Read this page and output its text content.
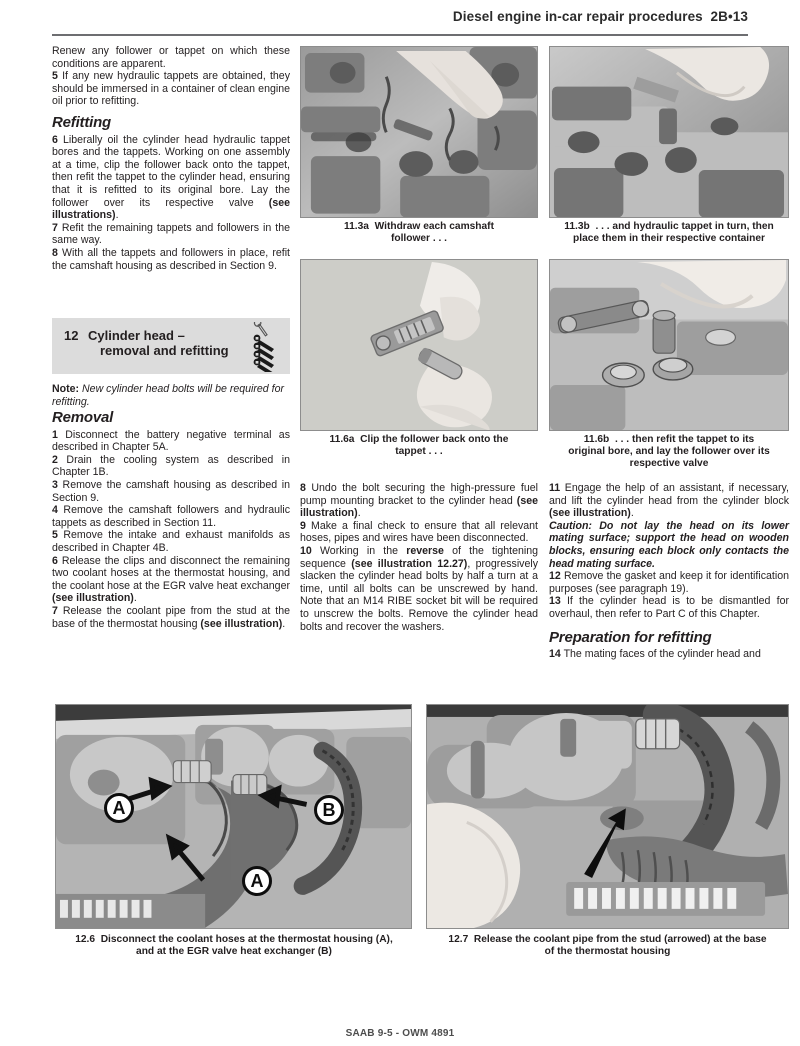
Diesel engine in-car repair procedures 2B•13

Renew any follower or tappet on which these conditions are apparent.

5 If any new hydraulic tappets are obtained, they should be immersed in a container of clean engine oil prior to refitting.

Refitting

6 Liberally oil the cylinder head hydraulic tappet bores and the tappets. Working on one assembly at a time, clip the follower back onto the tappet, then refit the tappet to the cylinder head, ensuring that it is refitted to its original bore. Lay the follower over its respective valve (see illustrations).

7 Refit the remaining tappets and followers in the same way.

8 With all the tappets and followers in place, refit the camshaft housing as described in Section 9.

12 Cylinder head –
removal and refitting
Note: New cylinder head bolts will be required for refitting.
Removal

1 Disconnect the battery negative terminal as described in Chapter 5A.

2 Drain the cooling system as described in Chapter 1B.

3 Remove the camshaft housing as described in Section 9.

4 Remove the camshaft followers and hydraulic tappets as described in Section 11.

5 Remove the intake and exhaust manifolds as described in Chapter 4B.

6 Release the clips and disconnect the remaining two coolant hoses at the thermostat housing, and the coolant hose at the EGR valve heat exchanger (see illustration).

7 Release the coolant pipe from the stud at the base of the thermostat housing (see illustration).

8 Undo the bolt securing the high-pressure fuel pump mounting bracket to the cylinder head (see illustration).

9 Make a final check to ensure that all relevant hoses, pipes and wires have been disconnected.

10 Working in the reverse of the tightening sequence (see illustration 12.27), progressively slacken the cylinder head bolts by half a turn at a time, until all bolts can be unscrewed by hand. Note that an M14 RIBE socket bit will be required to unscrew the bolts. Remove the cylinder head bolts and recover the washers.

11 Engage the help of an assistant, if necessary, and lift the cylinder head from the cylinder block (see illustration).

Caution: Do not lay the head on its lower mating surface; support the head on wooden blocks, ensuring each block only contacts the head mating surface.

12 Remove the gasket and keep it for identification purposes (see paragraph 19).

13 If the cylinder head is to be dismantled for overhaul, then refer to Part C of this Chapter.

Preparation for refitting

14 The mating faces of the cylinder head and

A	B
A
11.3a Withdraw each camshaft
follower . . .
11.3b . . . and hydraulic tappet in turn, then
place them in their respective container
11.6a Clip the follower back onto the
tappet . . .
11.6b . . . then refit the tappet to its
original bore, and lay the follower over its
respective valve
12.6 Disconnect the coolant hoses at the thermostat housing (A),
and at the EGR valve heat exchanger (B)
12.7 Release the coolant pipe from the stud (arrowed) at the base
of the thermostat housing
SAAB 9-5 - OWM 4891
